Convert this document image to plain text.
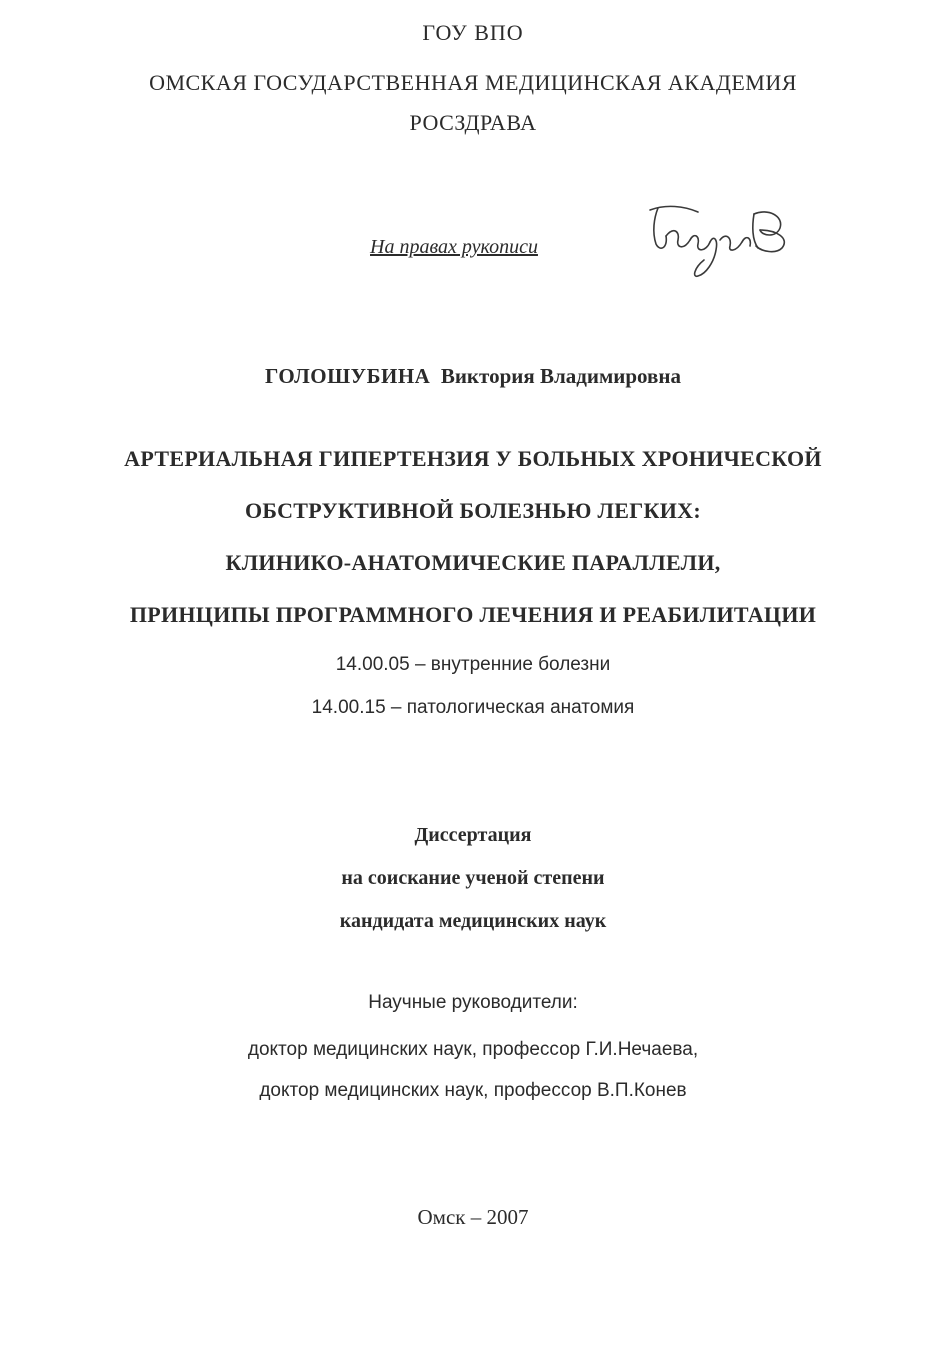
ГОУ ВПО
ОМСКАЯ ГОСУДАРСТВЕННАЯ МЕДИЦИНСКАЯ АКАДЕМИЯ
РОСЗДРАВА
На правах рукописи
ГОЛОШУБИНА Виктория Владимировна
АРТЕРИАЛЬНАЯ ГИПЕРТЕНЗИЯ У БОЛЬНЫХ ХРОНИЧЕСКОЙ
ОБСТРУКТИВНОЙ БОЛЕЗНЬЮ ЛЕГКИХ:
КЛИНИКО-АНАТОМИЧЕСКИЕ ПАРАЛЛЕЛИ,
ПРИНЦИПЫ ПРОГРАММНОГО ЛЕЧЕНИЯ И РЕАБИЛИТАЦИИ
14.00.05 – внутренние болезни
14.00.15 – патологическая анатомия
Диссертация
на соискание ученой степени
кандидата медицинских наук
Научные руководители:
доктор медицинских наук, профессор Г.И.Нечаева,
доктор медицинских наук, профессор В.П.Конев
Омск – 2007
